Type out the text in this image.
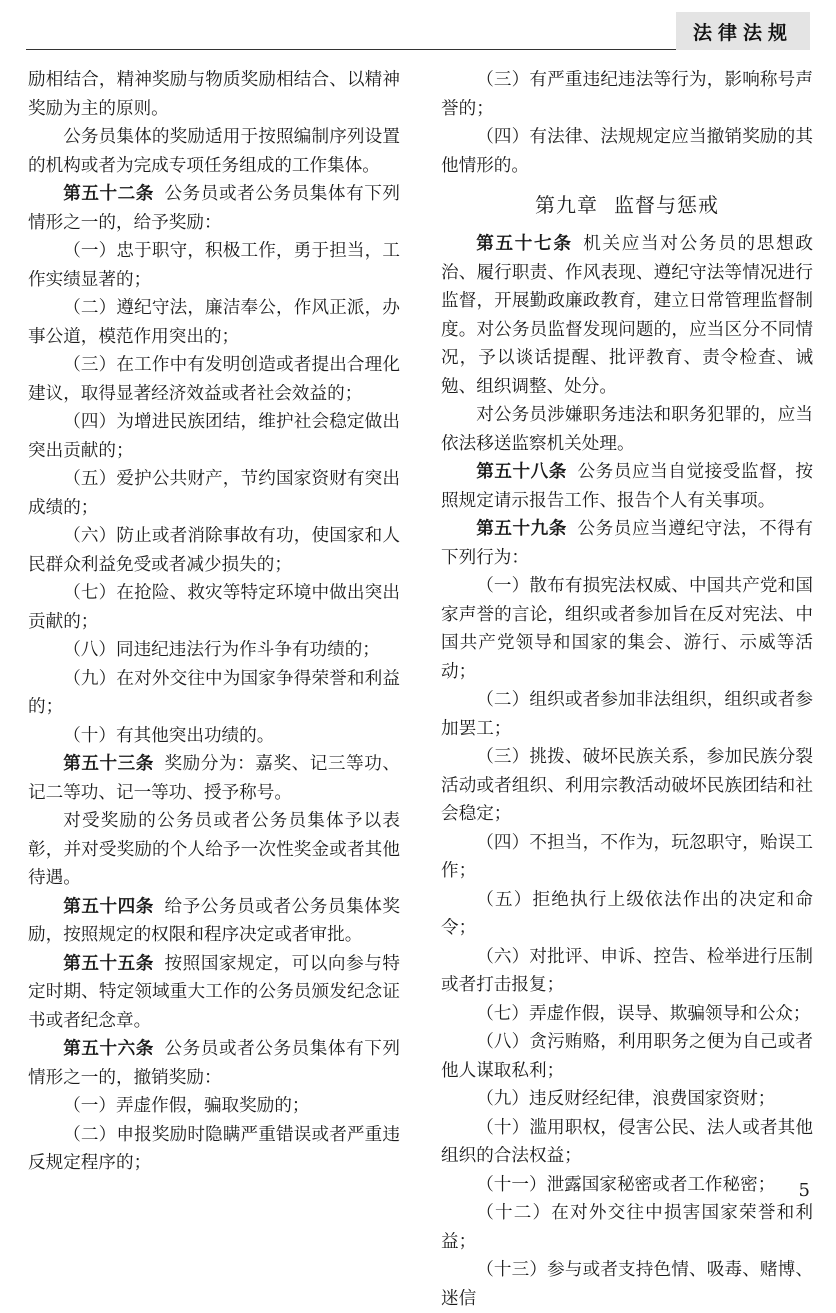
法律法规

励相结合，精神奖励与物质奖励相结合、以精神奖励为主的原则。

公务员集体的奖励适用于按照编制序列设置的机构或者为完成专项任务组成的工作集体。

第五十二条 公务员或者公务员集体有下列情形之一的，给予奖励：

（一）忠于职守，积极工作，勇于担当，工作实绩显著的；

（二）遵纪守法，廉洁奉公，作风正派，办事公道，模范作用突出的；

（三）在工作中有发明创造或者提出合理化建议，取得显著经济效益或者社会效益的；

（四）为增进民族团结，维护社会稳定做出突出贡献的；

（五）爱护公共财产，节约国家资财有突出成绩的；

（六）防止或者消除事故有功，使国家和人民群众利益免受或者减少损失的；

（七）在抢险、救灾等特定环境中做出突出贡献的；

（八）同违纪违法行为作斗争有功绩的；

（九）在对外交往中为国家争得荣誉和利益的；

（十）有其他突出功绩的。

第五十三条 奖励分为：嘉奖、记三等功、记二等功、记一等功、授予称号。

对受奖励的公务员或者公务员集体予以表彰，并对受奖励的个人给予一次性奖金或者其他待遇。

第五十四条 给予公务员或者公务员集体奖励，按照规定的权限和程序决定或者审批。

第五十五条 按照国家规定，可以向参与特定时期、特定领域重大工作的公务员颁发纪念证书或者纪念章。

第五十六条 公务员或者公务员集体有下列情形之一的，撤销奖励：

（一）弄虚作假，骗取奖励的；

（二）申报奖励时隐瞒严重错误或者严重违反规定程序的；

（三）有严重违纪违法等行为，影响称号声誉的；

（四）有法律、法规规定应当撤销奖励的其他情形的。

第九章 监督与惩戒

第五十七条 机关应当对公务员的思想政治、履行职责、作风表现、遵纪守法等情况进行监督，开展勤政廉政教育，建立日常管理监督制度。对公务员监督发现问题的，应当区分不同情况，予以谈话提醒、批评教育、责令检查、诫勉、组织调整、处分。

对公务员涉嫌职务违法和职务犯罪的，应当依法移送监察机关处理。

第五十八条 公务员应当自觉接受监督，按照规定请示报告工作、报告个人有关事项。

第五十九条 公务员应当遵纪守法，不得有下列行为：

（一）散布有损宪法权威、中国共产党和国家声誉的言论，组织或者参加旨在反对宪法、中国共产党领导和国家的集会、游行、示威等活动；

（二）组织或者参加非法组织，组织或者参加罢工；

（三）挑拨、破坏民族关系，参加民族分裂活动或者组织、利用宗教活动破坏民族团结和社会稳定；

（四）不担当，不作为，玩忽职守，贻误工作；

（五）拒绝执行上级依法作出的决定和命令；

（六）对批评、申诉、控告、检举进行压制或者打击报复；

（七）弄虚作假，误导、欺骗领导和公众；

（八）贪污贿赂，利用职务之便为自己或者他人谋取私利；

（九）违反财经纪律，浪费国家资财；

（十）滥用职权，侵害公民、法人或者其他组织的合法权益；

（十一）泄露国家秘密或者工作秘密；

（十二）在对外交往中损害国家荣誉和利益；

（十三）参与或者支持色情、吸毒、赌博、迷信

5
